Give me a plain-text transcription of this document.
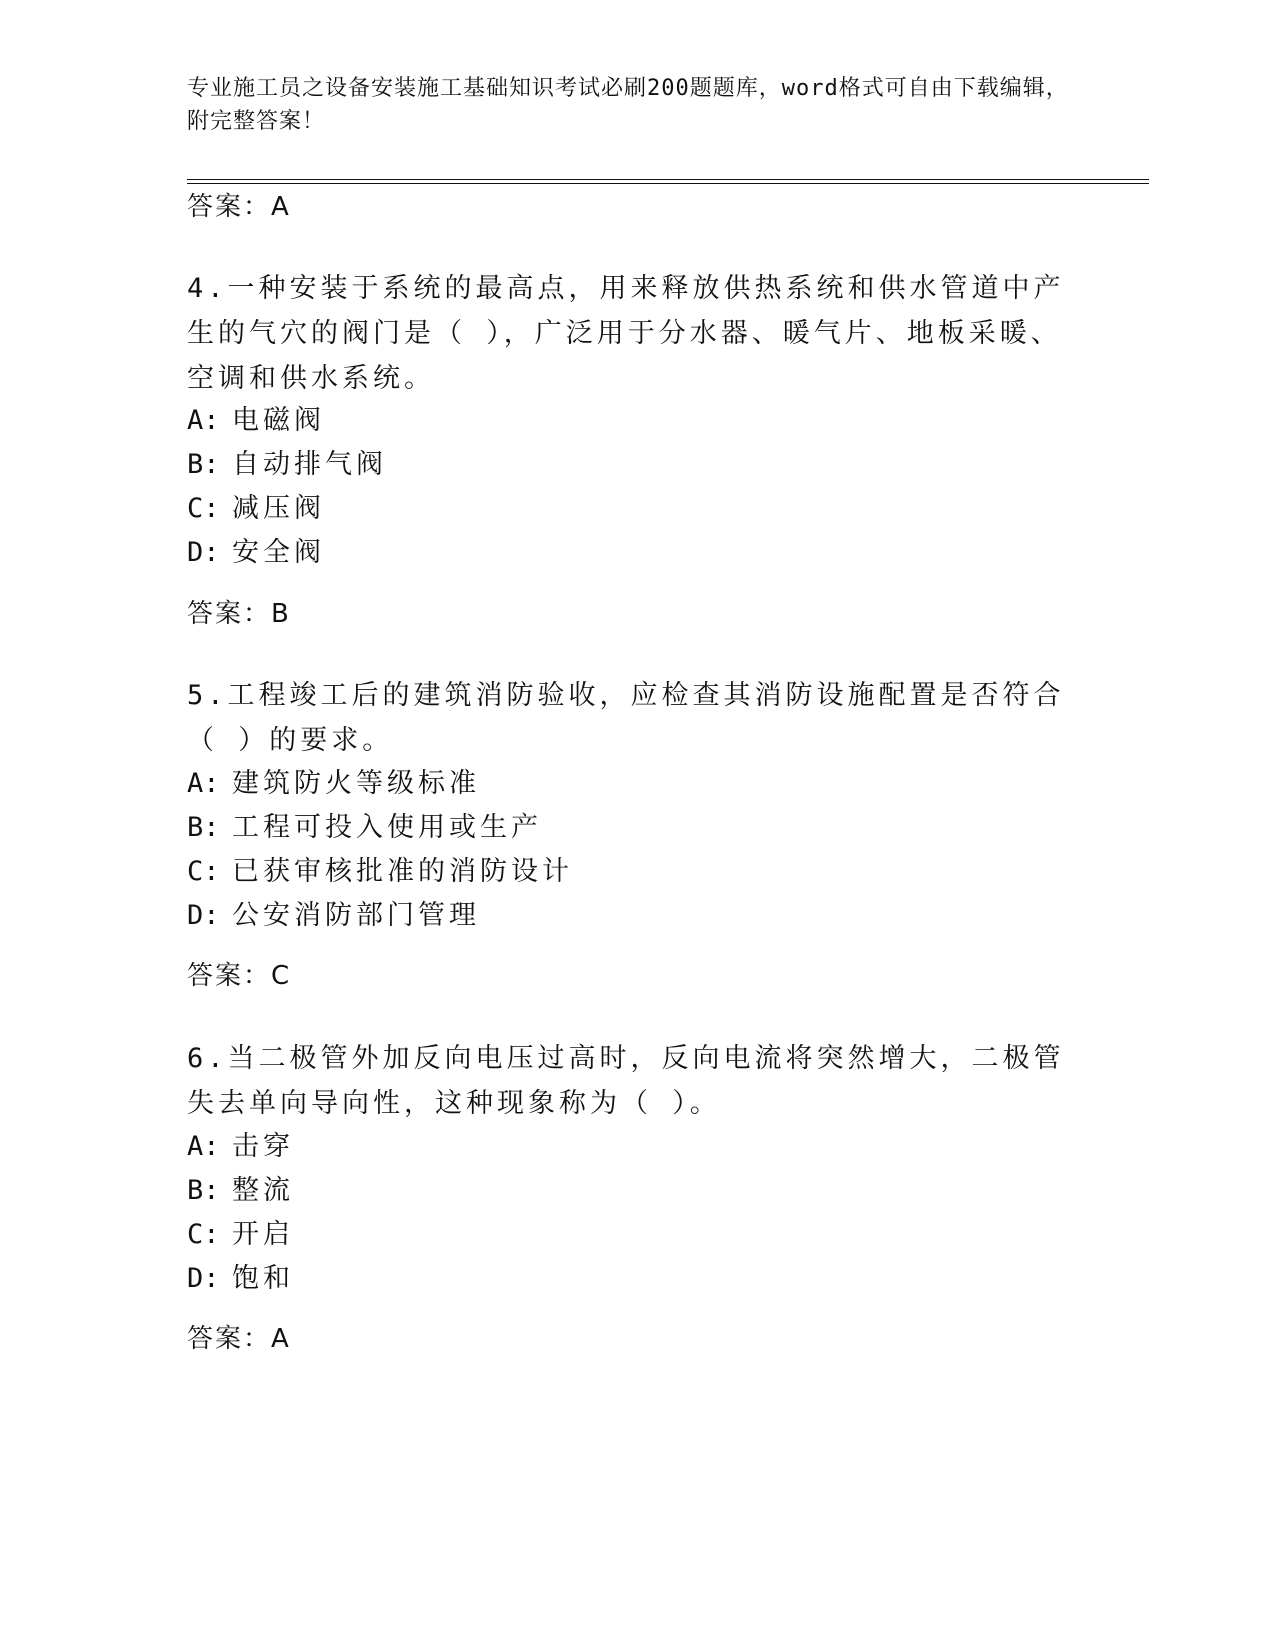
专业施工员之设备安装施工基础知识考试必刷200题题库，word格式可自由下载编辑，附完整答案！
答案：A
4.一种安装于系统的最高点，用来释放供热系统和供水管道中产生的气穴的阀门是（ ），广泛用于分水器、暖气片、地板采暖、空调和供水系统。
A: 电磁阀
B: 自动排气阀
C: 减压阀
D: 安全阀
答案：B
5.工程竣工后的建筑消防验收，应检查其消防设施配置是否符合（ ）的要求。
A: 建筑防火等级标准
B: 工程可投入使用或生产
C: 已获审核批准的消防设计
D: 公安消防部门管理
答案：C
6.当二极管外加反向电压过高时，反向电流将突然增大，二极管失去单向导向性，这种现象称为（ ）。
A: 击穿
B: 整流
C: 开启
D: 饱和
答案：A
